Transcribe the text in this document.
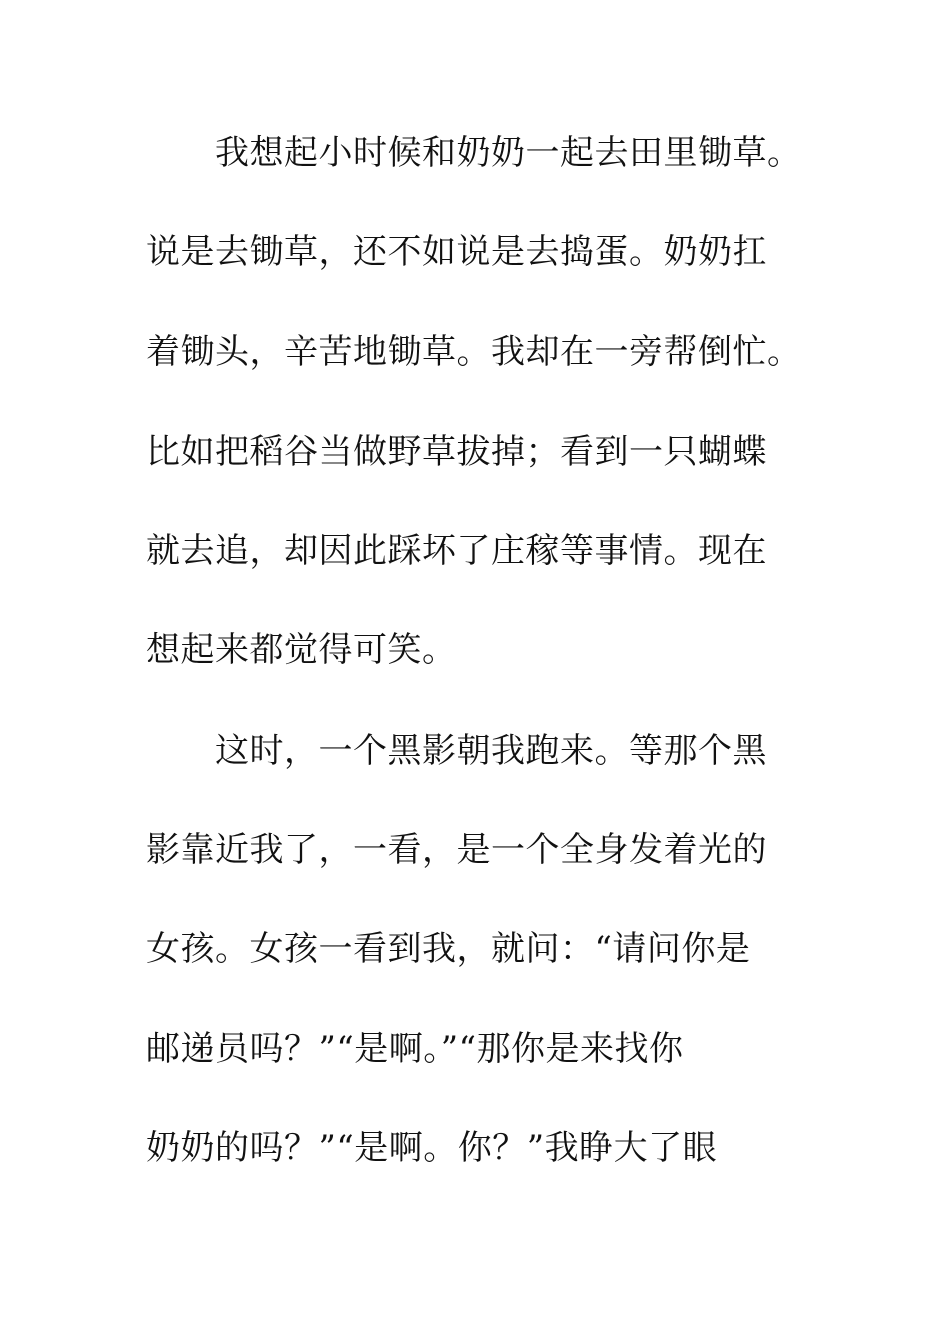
我想起小时候和奶奶一起去田里锄草。
说是去锄草，还不如说是去捣蛋。奶奶扛
着锄头，辛苦地锄草。我却在一旁帮倒忙。
比如把稻谷当做野草拔掉；看到一只蝴蝶
就去追，却因此踩坏了庄稼等事情。现在
想起来都觉得可笑。
这时，一个黑影朝我跑来。等那个黑
影靠近我了，一看，是一个全身发着光的
女孩。女孩一看到我，就问：“请问你是
邮递员吗？”“是啊。”“那你是来找你
奶奶的吗？”“是啊。你？”我睁大了眼
